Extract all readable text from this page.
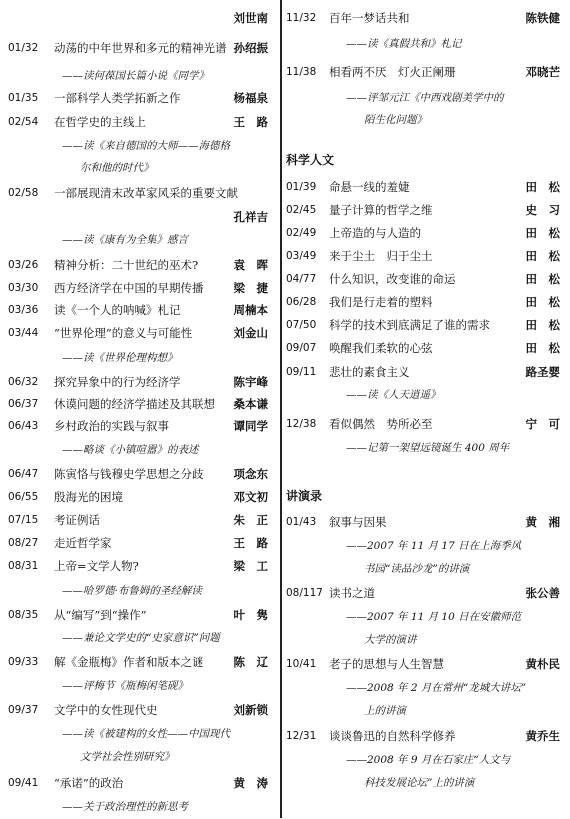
刘世南
01/32 动荡的中年世界和多元的精神光谱 孙绍振
——读何葆国长篇小说《同学》
01/35 一部科学人类学拓新之作	杨福泉
02/54 在哲学史的主线上	王　路
——读《来自德国的大师——海德格
尔和他的时代》
02/58 一部展现清末改革家风采的重要文献
孔祥吉
——读《康有为全集》感言
03/26 精神分析：二十世纪的巫术?	袁　晖
03/30 西方经济学在中国的早期传播	梁　捷
03/36 读《一个人的呐喊》札记	周楠本
03/44 “世界伦理”的意义与可能性	刘金山
——读《世界伦理构想》
06/32 探究异象中的行为经济学	陈宇峰
06/37 休谟问题的经济学描述及其联想 桑本谦
06/43 乡村政治的实践与叙事	谭同学
——略谈《小镇喧嚣》的表述
06/47 陈寅恪与钱穆史学思想之分歧	项念东
06/55 殷海光的困境	邓文初
07/15 考证例话	朱　正
08/27 走近哲学家	王　路
08/31 上帝=文学人物?	梁　工
——哈罗德·布鲁姆的圣经解读
08/35 从“编写”到“操作”	叶　隽
——兼论文学史的“史家意识”问题
09/33 解《金瓶梅》作者和版本之谜	陈　辽
——评梅节《瓶梅闲笔砚》
09/37 文学中的女性现代史	刘新锁
——读《被建构的女性——中国现代
文学社会性别研究》
09/41 “承诺”的政治	黄　涛
——关于政治理性的新思考
11/32 百年一梦话共和	陈铁健
——读《真假共和》札记
11/38 相看两不厌　灯火正阑珊	邓晓芒
——评邹元江《中西戏剧美学中的
陌生化问题》
科学人文
01/39 命悬一线的羞婕	田　松
02/45 量子计算的哲学之维	史　习
02/49 上帝造的与人造的	田　松
03/49 来于尘土　归于尘土	田　松
04/77 什么知识，改变谁的命运	田　松
06/28 我们是行走着的塑料	田　松
07/50 科学的技术到底满足了谁的需求	田　松
09/07 唤醒我们柔软的心弦	田　松
09/11 悲壮的素食主义	路圣婴
——读《人天逍遥》
12/38 看似偶然　势所必至	宁　可
——记第一架望远镜诞生 400 周年
讲演录
01/43 叙事与因果	黄　湘
——2007 年 11 月 17 日在上海季风
书园“读品沙龙”的讲演
08/117 读书之道	张公善
——2007 年 11 月 10 日在安徽师范
大学的演讲
10/41 老子的思想与人生智慧	黄朴民
——2008 年 2 月在常州“龙城大讲坛”
上的讲演
12/31 谈谈鲁迅的自然科学修养	黄乔生
——2008 年 9 月在石家庄“人文与
科技发展论坛”上的讲演
